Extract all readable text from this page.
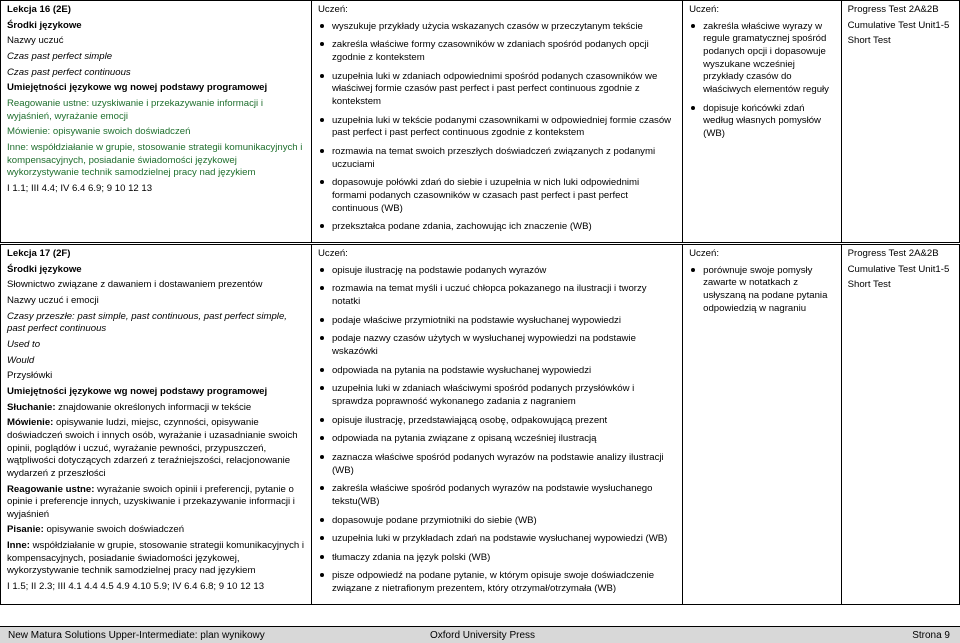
Lekcja 16 (2E)
Środki językowe
Nazwy uczuć
Czas past perfect simple
Czas past perfect continuous
Umiejętności językowe wg nowej podstawy programowej
Reagowanie ustne: uzyskiwanie i przekazywanie informacji i wyjaśnień, wyrażanie emocji
Mówienie: opisywanie swoich doświadczeń
Inne: współdziałanie w grupie, stosowanie strategii komunikacyjnych i kompensacyjnych, posiadanie świadomości językowej wykorzystywanie technik samodzielnej pracy nad językiem
I 1.1; III 4.4; IV 6.4 6.9; 9 10 12 13

Uczeń:
wyszukuje przykłady użycia wskazanych czasów w przeczytanym tekście
zakreśla właściwe formy czasowników w zdaniach spośród podanych opcji zgodnie z kontekstem
uzupełnia luki w zdaniach odpowiednimi spośród podanych czasowników we właściwej formie czasów past perfect i past perfect continuous zgodnie z kontekstem
uzupełnia luki w tekście podanymi czasownikami w odpowiedniej formie czasów past perfect i past perfect continuous zgodnie z kontekstem
rozmawia na temat swoich przeszłych doświadczeń związanych z podanymi uczuciami
dopasowuje połówki zdań do siebie i uzupełnia w nich luki odpowiednimi formami podanych czasowników w czasach past perfect i past perfect continuous (WB)
przekształca podane zdania, zachowując ich znaczenie (WB)

Uczeń:
zakreśla właściwe wyrazy w regule gramatycznej spośród podanych opcji i dopasowuje wyszukane wcześniej przykłady czasów do właściwych elementów reguły
dopisuje końcówki zdań według własnych pomysłów (WB)

Progress Test 2A&2B
Cumulative Test Unit1-5
Short Test
Lekcja 17 (2F)
Środki językowe
Słownictwo związane z dawaniem i dostawaniem prezentów
Nazwy uczuć i emocji
Czasy przeszłe: past simple, past continuous, past perfect simple, past perfect continuous
Used to
Would
Przysłówki
Umiejętności językowe wg nowej podstawy programowej
Słuchanie: znajdowanie określonych informacji w tekście
Mówienie: opisywanie ludzi, miejsc, czynności, opisywanie doświadczeń swoich i innych osób, wyrażanie i uzasadnianie swoich opinii, poglądów i uczuć, wyrażanie pewności, przypuszczeń, wątpliwości dotyczących zdarzeń z teraźniejszości, relacjonowanie wydarzeń z przeszłości
Reagowanie ustne: wyrażanie swoich opinii i preferencji, pytanie o opinie i preferencje innych, uzyskiwanie i przekazywanie informacji i wyjaśnień
Pisanie: opisywanie swoich doświadczeń
Inne: współdziałanie w grupie, stosowanie strategii komunikacyjnych i kompensacyjnych, posiadanie świadomości językowej, wykorzystywanie technik samodzielnej pracy nad językiem
I 1.5; II 2.3; III 4.1 4.4 4.5 4.9 4.10 5.9; IV 6.4 6.8; 9 10 12 13

Uczeń:
opisuje ilustrację na podstawie podanych wyrazów
rozmawia na temat myśli i uczuć chłopca pokazanego na ilustracji i tworzy notatki
podaje właściwe przymiotniki na podstawie wysłuchanej wypowiedzi
podaje nazwy czasów użytych w wysłuchanej wypowiedzi na podstawie wskazówki
odpowiada na pytania na podstawie wysłuchanej wypowiedzi
uzupełnia luki w zdaniach właściwymi spośród podanych przysłówków i sprawdza poprawność wykonanego zadania z nagraniem
opisuje ilustrację, przedstawiającą osobę, odpakowującą prezent
odpowiada na pytania związane z opisaną wcześniej ilustracją
zaznacza właściwe spośród podanych wyrazów na podstawie analizy ilustracji (WB)
zakreśla właściwe spośród podanych wyrazów na podstawie wysłuchanego tekstu(WB)
dopasowuje podane przymiotniki do siebie (WB)
uzupełnia luki w przykładach zdań na podstawie wysłuchanej wypowiedzi (WB)
tłumaczy zdania na język polski (WB)
pisze odpowiedź na podane pytanie, w którym opisuje swoje doświadczenie związane z nietrafionym prezentem, który otrzymał/otrzymała (WB)

Uczeń:
porównuje swoje pomysły zawarte w notatkach z usłyszaną na podane pytania odpowiedzią w nagraniu

Progress Test 2A&2B
Cumulative Test Unit1-5
Short Test
New Matura Solutions Upper-Intermediate: plan wynikowy	Oxford University Press	Strona 9
